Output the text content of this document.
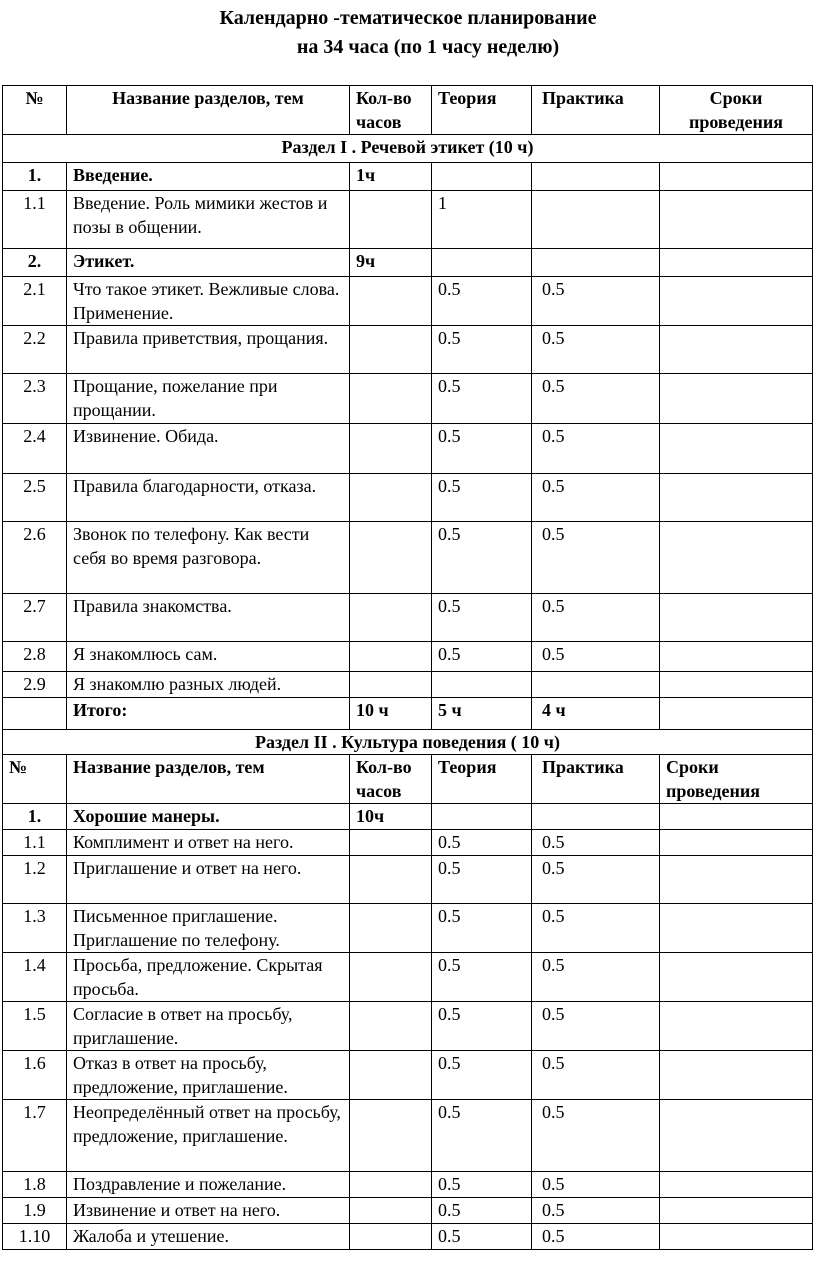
Календарно -тематическое планирование
на 34 часа (по 1 часу неделю)
№	Название разделов, тем	Кол-во часов	Теория	Практика	Сроки проведения
Раздел I . Речевой этикет (10 ч)					
1.	Введение.	1ч			
1.1	Введение. Роль мимики жестов и позы в общении.		1		
2.	Этикет.	9ч			
2.1	Что такое этикет. Вежливые слова. Применение.		0.5	0.5	
2.2	Правила приветствия, прощания.		0.5	0.5	
2.3	Прощание, пожелание при прощании.		0.5	0.5	
2.4	Извинение. Обида.		0.5	0.5	
2.5	Правила благодарности, отказа.		0.5	0.5	
2.6	Звонок по телефону. Как вести себя во время разговора.		0.5	0.5	
2.7	Правила знакомства.		0.5	0.5	
2.8	Я знакомлюсь сам.		0.5	0.5	
2.9	Я знакомлю разных людей.				
	Итого:	10 ч	5 ч	4 ч	
Раздел II . Культура поведения ( 10 ч)					
№	Название разделов, тем	Кол-во часов	Теория	Практика	Сроки проведения
1.	Хорошие манеры.	10ч			
1.1	Комплимент и ответ на него.		0.5	0.5	
1.2	Приглашение и ответ на него.		0.5	0.5	
1.3	Письменное приглашение. Приглашение по телефону.		0.5	0.5	
1.4	Просьба, предложение. Скрытая просьба.		0.5	0.5	
1.5	Согласие в ответ на просьбу, приглашение.		0.5	0.5	
1.6	Отказ в ответ на просьбу, предложение, приглашение.		0.5	0.5	
1.7	Неопределённый ответ на просьбу, предложение, приглашение.		0.5	0.5	
1.8	Поздравление и пожелание.		0.5	0.5	
1.9	Извинение и ответ на него.		0.5	0.5	
1.10	Жалоба и утешение.		0.5	0.5	
